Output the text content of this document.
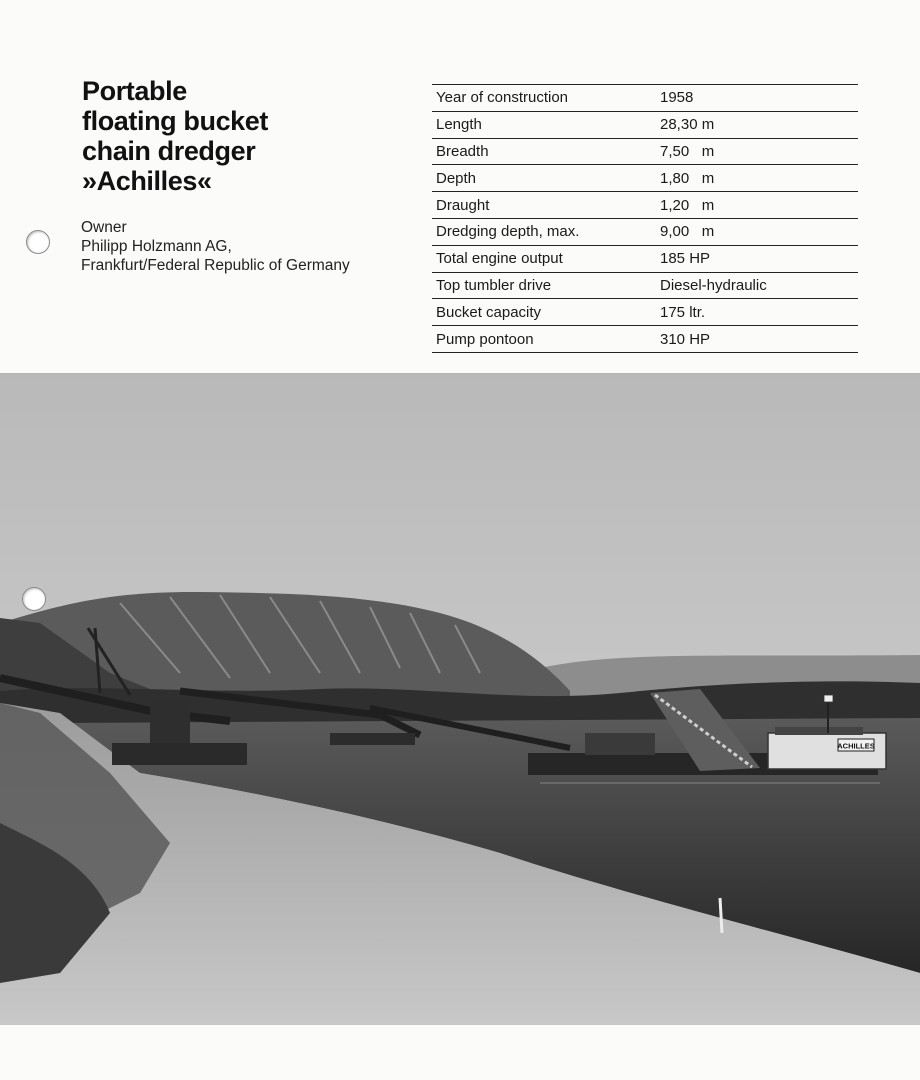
Portable
floating bucket
chain dredger
»Achilles«
Owner
Philipp Holzmann AG,
Frankfurt/Federal Republic of Germany
Year of construction	1958
Length	28,30 m
Breadth	7,50   m
Depth	1,80   m
Draught	1,20   m
Dredging depth, max.	9,00   m
Total engine output	185 HP
Top tumbler drive	Diesel-hydraulic
Bucket capacity	175 ltr.
Pump pontoon	310 HP
ACHILLES
